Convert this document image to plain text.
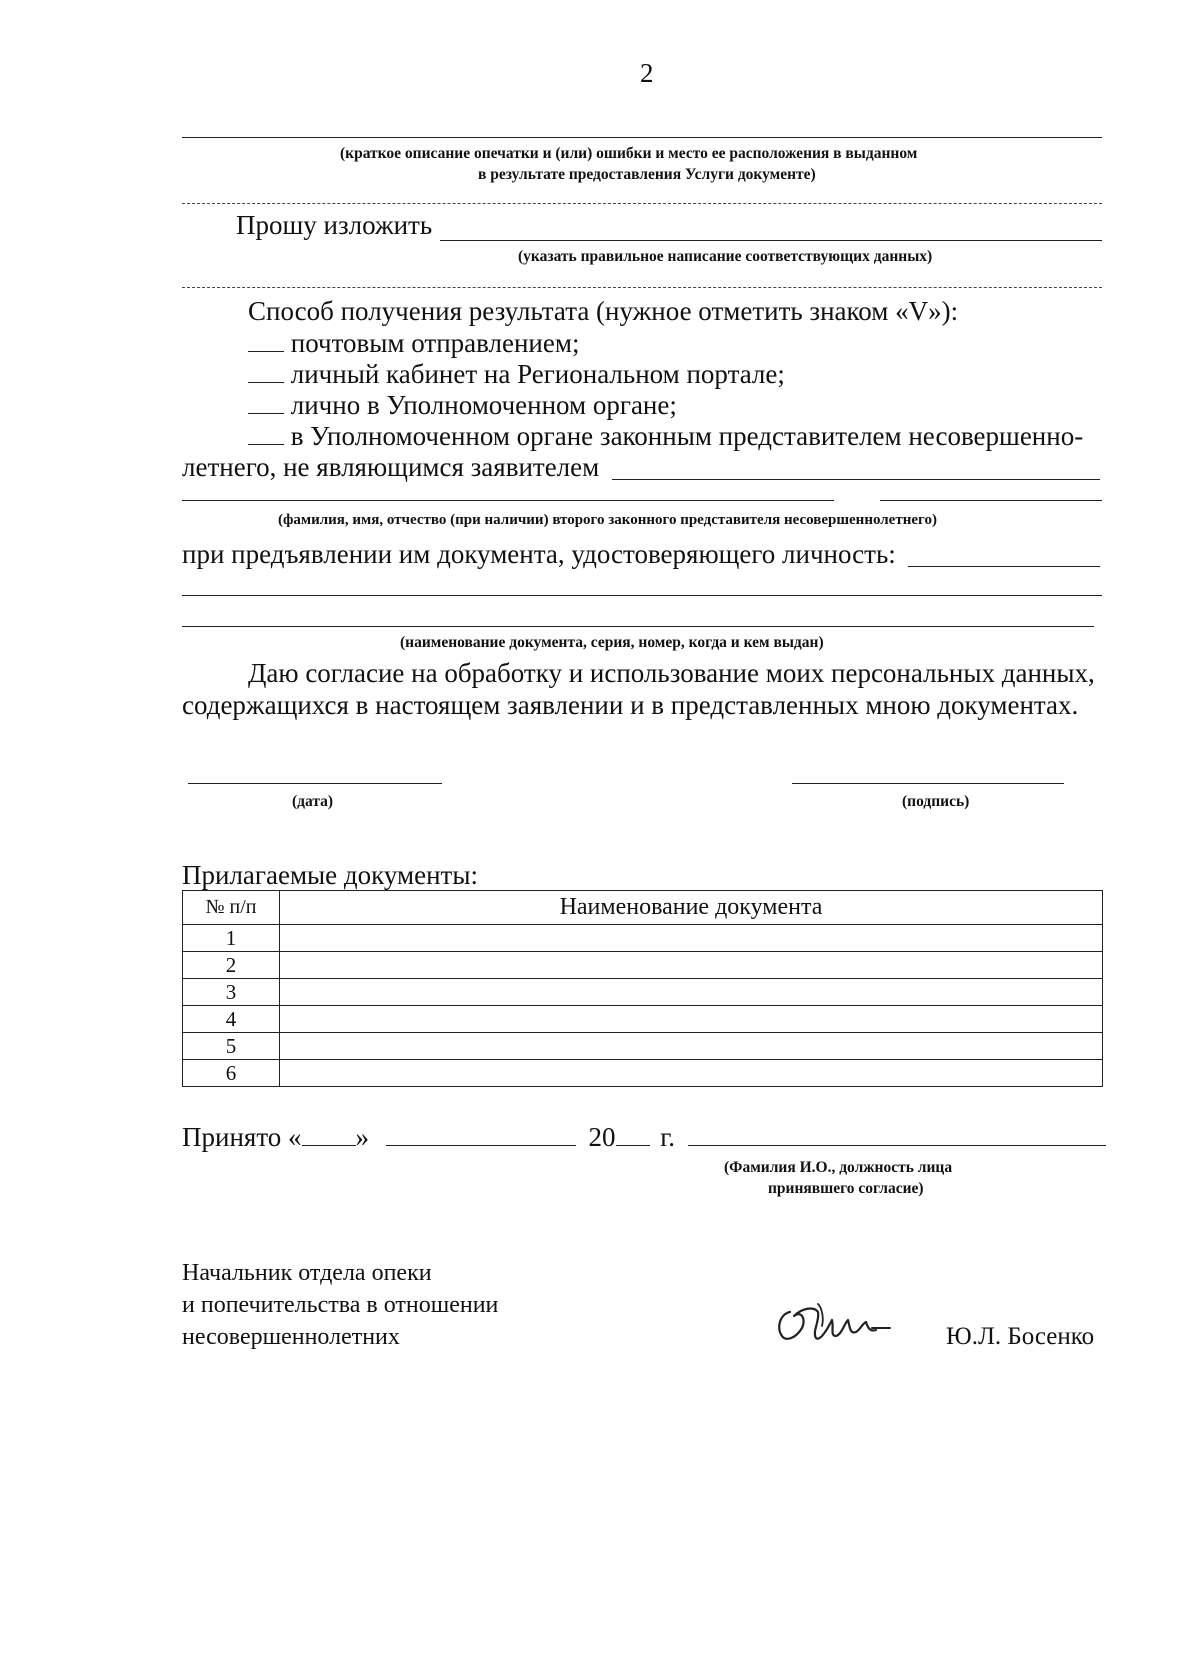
2
(краткое описание опечатки и (или) ошибки и место ее расположения в выданном
в результате предоставления Услуги документе)
Прошу изложить
(указать правильное написание соответствующих данных)
Способ получения результата (нужное отметить знаком «V»):
почтовым отправлением;
личный кабинет на Региональном портале;
лично в Уполномоченном органе;
в Уполномоченном органе законным представителем несовершенно-
летнего, не являющимся заявителем
(фамилия, имя, отчество (при наличии) второго законного представителя несовершеннолетнего)
при предъявлении им документа, удостоверяющего личность:
(наименование документа, серия, номер, когда и кем выдан)
Даю согласие на обработку и использование моих персональных данных,
содержащихся в настоящем заявлении и в представленных мною документах.
(дата)	(подпись)
Прилагаемые документы:
№ п/п	Наименование документа
1	
2	
3	
4	
5	
6	
Принято « »	20 г.
(Фамилия И.О., должность лица
принявшего согласие)
Начальник отдела опеки
и попечительства в отношении
несовершеннолетних	Ю.Л. Босенко
